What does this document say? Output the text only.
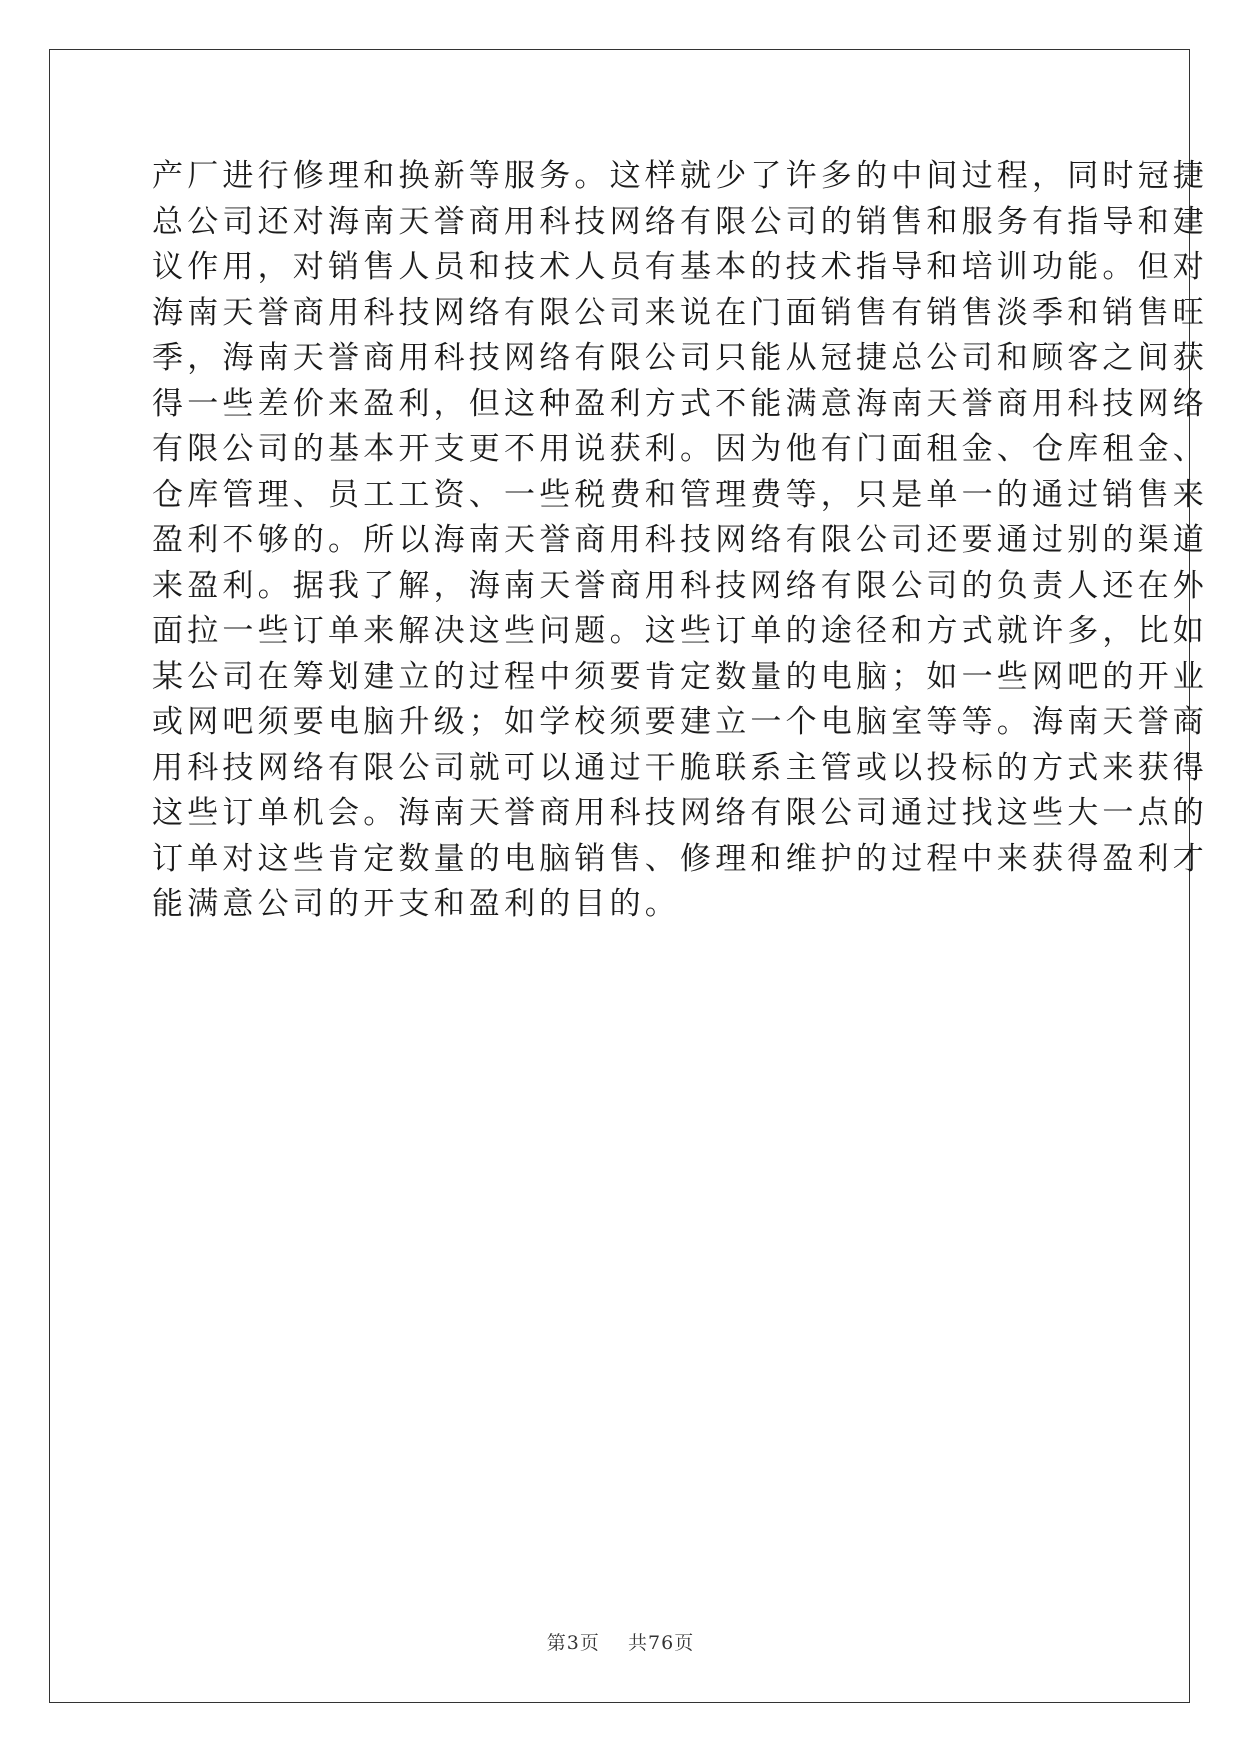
产厂进行修理和换新等服务。这样就少了许多的中间过程，同时冠捷
总公司还对海南天誉商用科技网络有限公司的销售和服务有指导和建
议作用，对销售人员和技术人员有基本的技术指导和培训功能。但对
海南天誉商用科技网络有限公司来说在门面销售有销售淡季和销售旺
季，海南天誉商用科技网络有限公司只能从冠捷总公司和顾客之间获
得一些差价来盈利，但这种盈利方式不能满意海南天誉商用科技网络
有限公司的基本开支更不用说获利。因为他有门面租金、仓库租金、
仓库管理、员工工资、一些税费和管理费等，只是单一的通过销售来
盈利不够的。所以海南天誉商用科技网络有限公司还要通过别的渠道
来盈利。据我了解，海南天誉商用科技网络有限公司的负责人还在外
面拉一些订单来解决这些问题。这些订单的途径和方式就许多，比如
某公司在筹划建立的过程中须要肯定数量的电脑；如一些网吧的开业
或网吧须要电脑升级；如学校须要建立一个电脑室等等。海南天誉商
用科技网络有限公司就可以通过干脆联系主管或以投标的方式来获得
这些订单机会。海南天誉商用科技网络有限公司通过找这些大一点的
订单对这些肯定数量的电脑销售、修理和维护的过程中来获得盈利才
能满意公司的开支和盈利的目的。
第3页 共76页
